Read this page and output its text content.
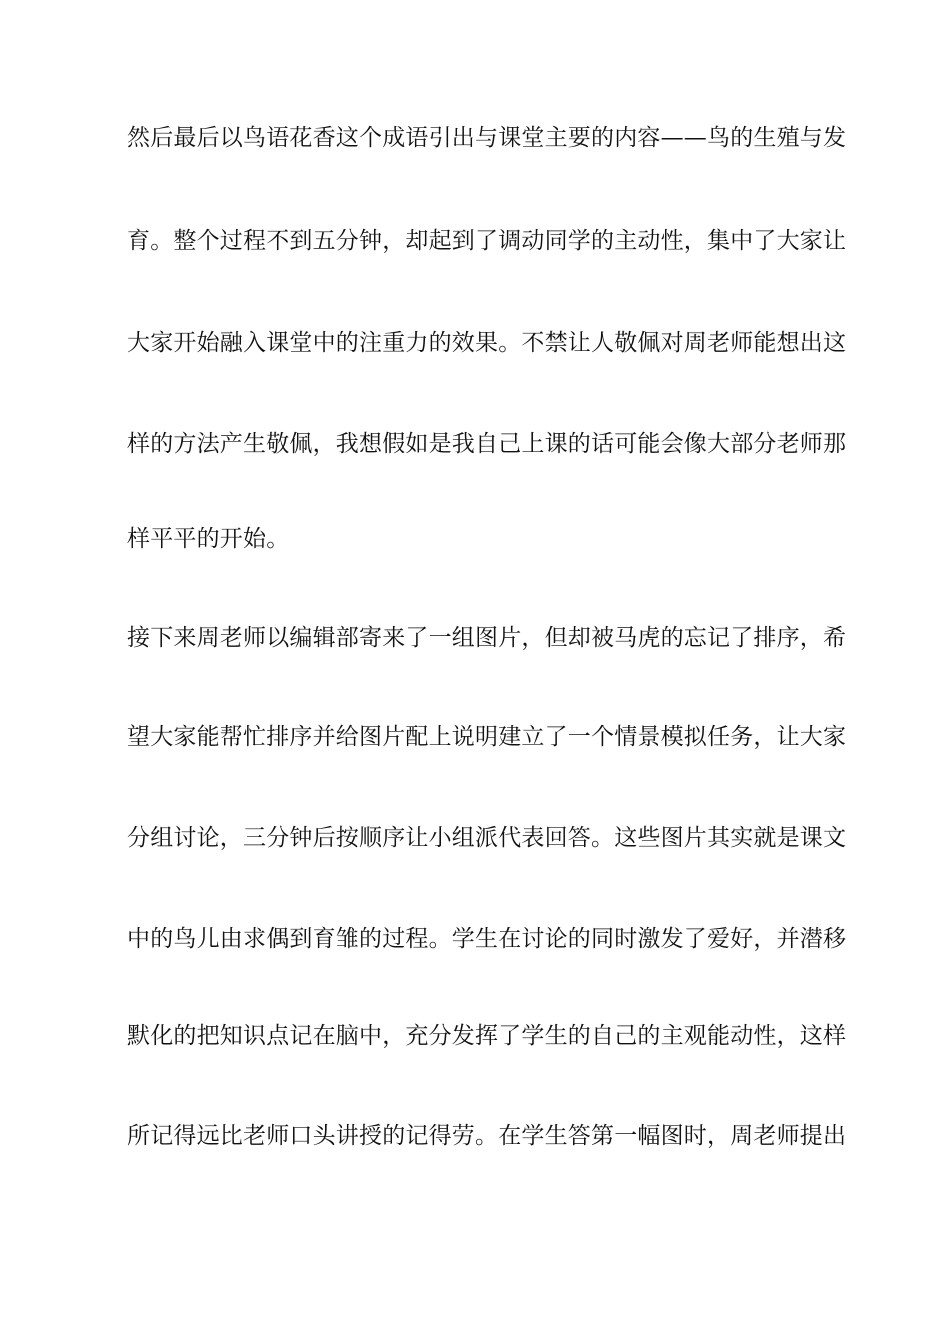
然后最后以鸟语花香这个成语引出与课堂主要的内容——鸟的生殖与发
育。整个过程不到五分钟，却起到了调动同学的主动性，集中了大家让
大家开始融入课堂中的注重力的效果。不禁让人敬佩对周老师能想出这
样的方法产生敬佩，我想假如是我自己上课的话可能会像大部分老师那
样平平的开始。
接下来周老师以编辑部寄来了一组图片，但却被马虎的忘记了排序，希
望大家能帮忙排序并给图片配上说明建立了一个情景模拟任务，让大家
分组讨论，三分钟后按顺序让小组派代表回答。这些图片其实就是课文
中的鸟儿由求偶到育雏的过程。学生在讨论的同时激发了爱好，并潜移
默化的把知识点记在脑中，充分发挥了学生的自己的主观能动性，这样
所记得远比老师口头讲授的记得劳。在学生答第一幅图时，周老师提出
